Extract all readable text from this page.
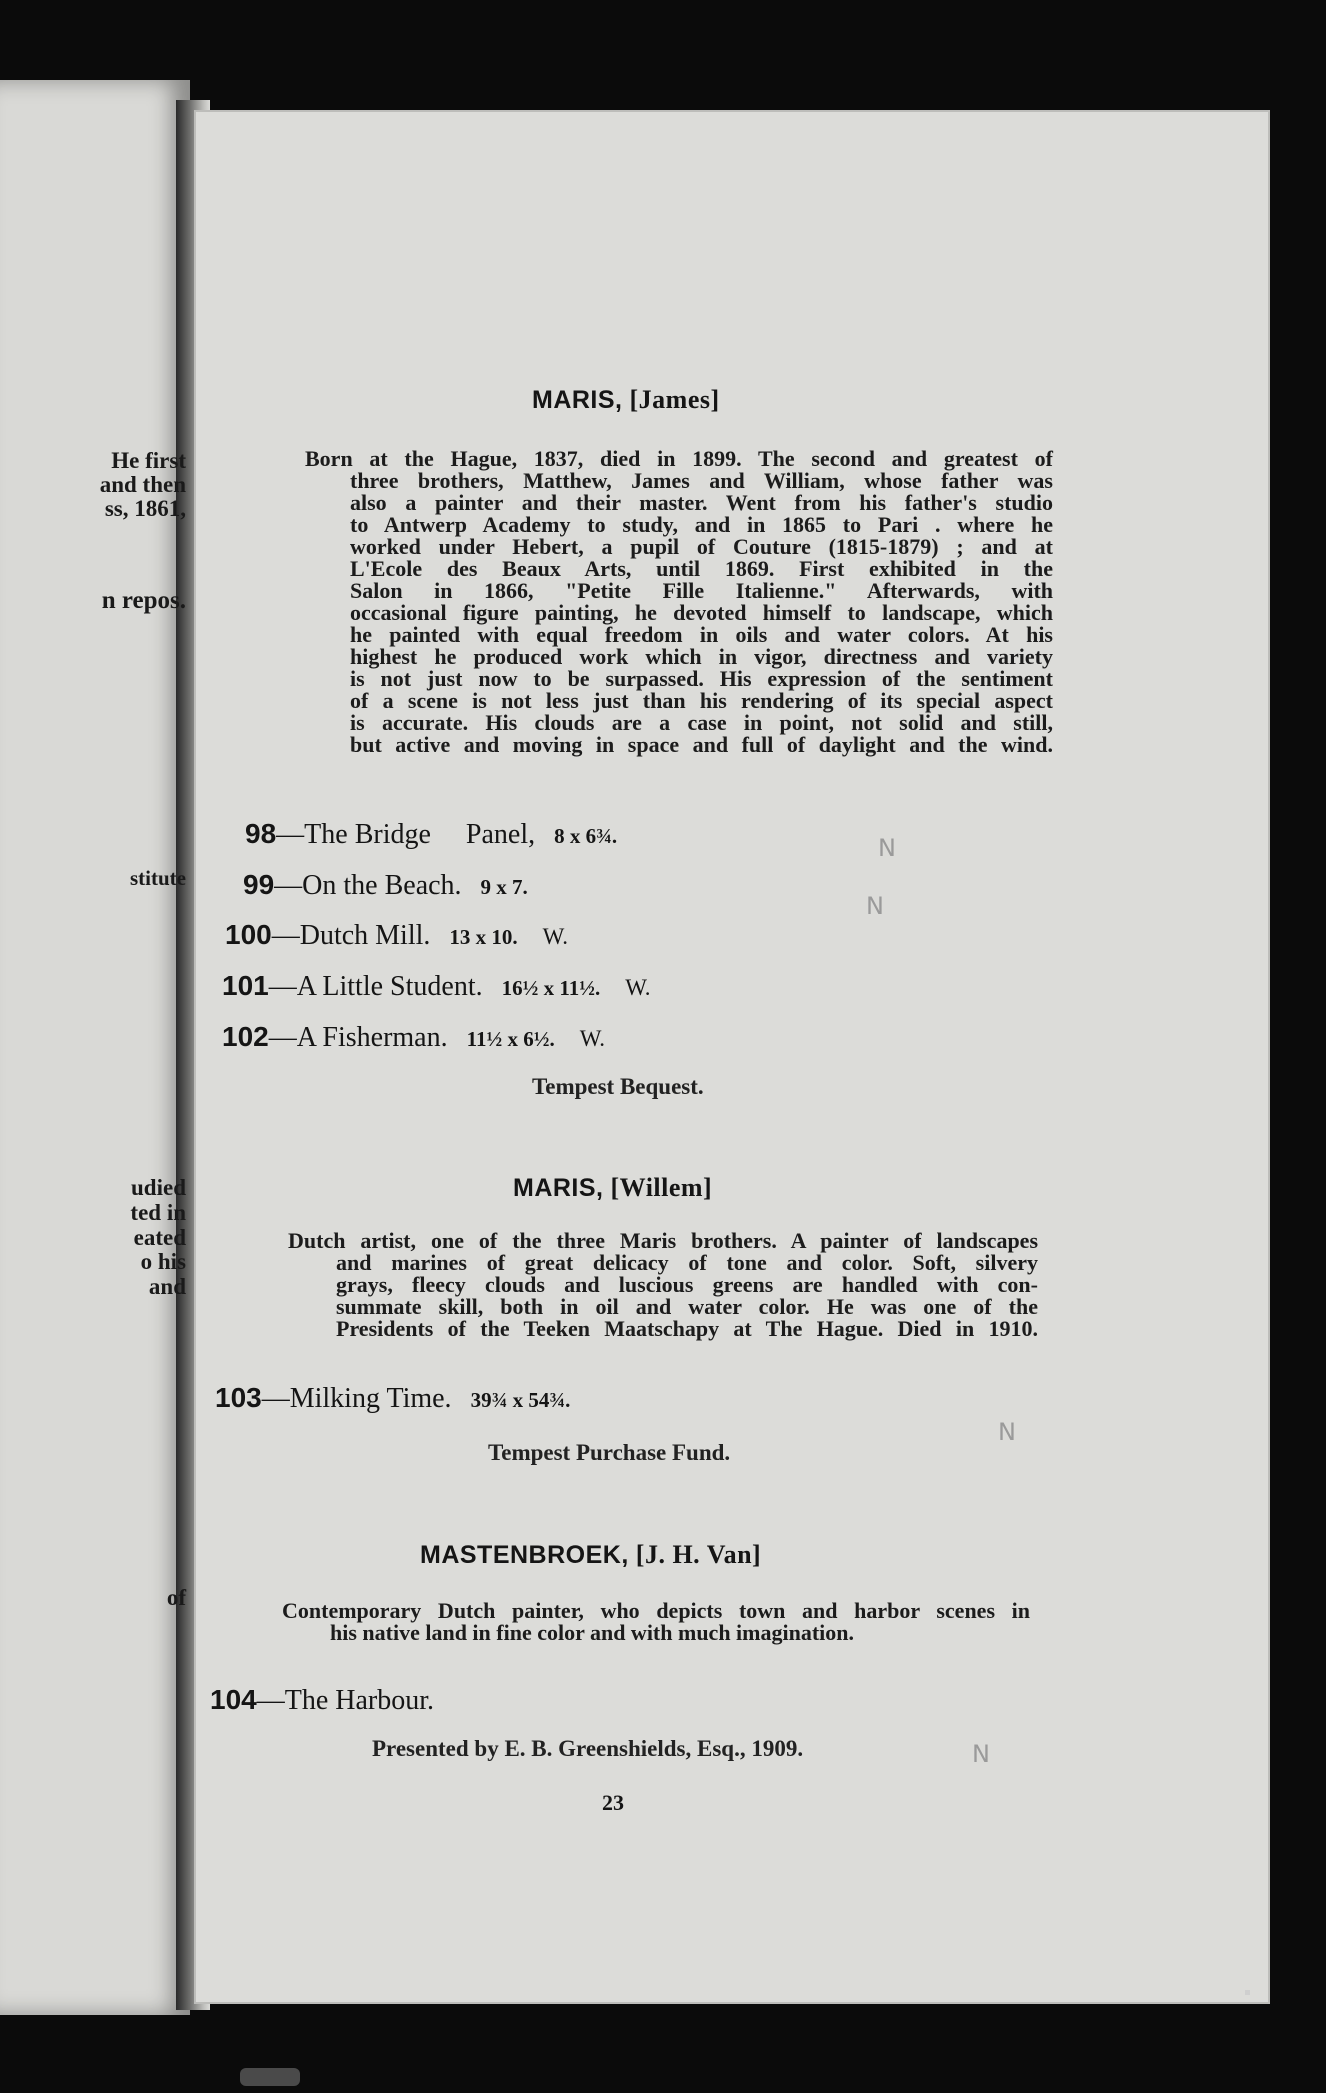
He first
and then
ss, 1861,
n repos.
stitute
udied
ted in
eated
o his
and
of
MARIS, [James]
Born at the Hague, 1837, died in 1899. The second and greatest of
three brothers, Matthew, James and William, whose father was
also a painter and their master. Went from his father's studio
to Antwerp Academy to study, and in 1865 to Pari . where he
worked under Hebert, a pupil of Couture (1815-1879) ; and at
L'Ecole des Beaux Arts, until 1869. First exhibited in the
Salon in 1866, "Petite Fille Italienne." Afterwards, with
occasional figure painting, he devoted himself to landscape, which
he painted with equal freedom in oils and water colors. At his
highest he produced work which in vigor, directness and variety
is not just now to be surpassed. His expression of the sentiment
of a scene is not less just than his rendering of its special aspect
is accurate. His clouds are a case in point, not solid and still,
but active and moving in space and full of daylight and the wind.
98—The Bridge Panel, 8 x 6¾.
99—On the Beach. 9 x 7.
100—Dutch Mill. 13 x 10. W.
101—A Little Student. 16½ x 11½. W.
102—A Fisherman. 11½ x 6½. W.
Tempest Bequest.
MARIS, [Willem]
Dutch artist, one of the three Maris brothers. A painter of landscapes
and marines of great delicacy of tone and color. Soft, silvery
grays, fleecy clouds and luscious greens are handled with con-
summate skill, both in oil and water color. He was one of the
Presidents of the Teeken Maatschapy at The Hague. Died in 1910.
103—Milking Time. 39¾ x 54¾.
Tempest Purchase Fund.
MASTENBROEK, [J. H. Van]
Contemporary Dutch painter, who depicts town and harbor scenes in
his native land in fine color and with much imagination.
104—The Harbour.
Presented by E. B. Greenshields, Esq., 1909.
23
N
N
N
N
